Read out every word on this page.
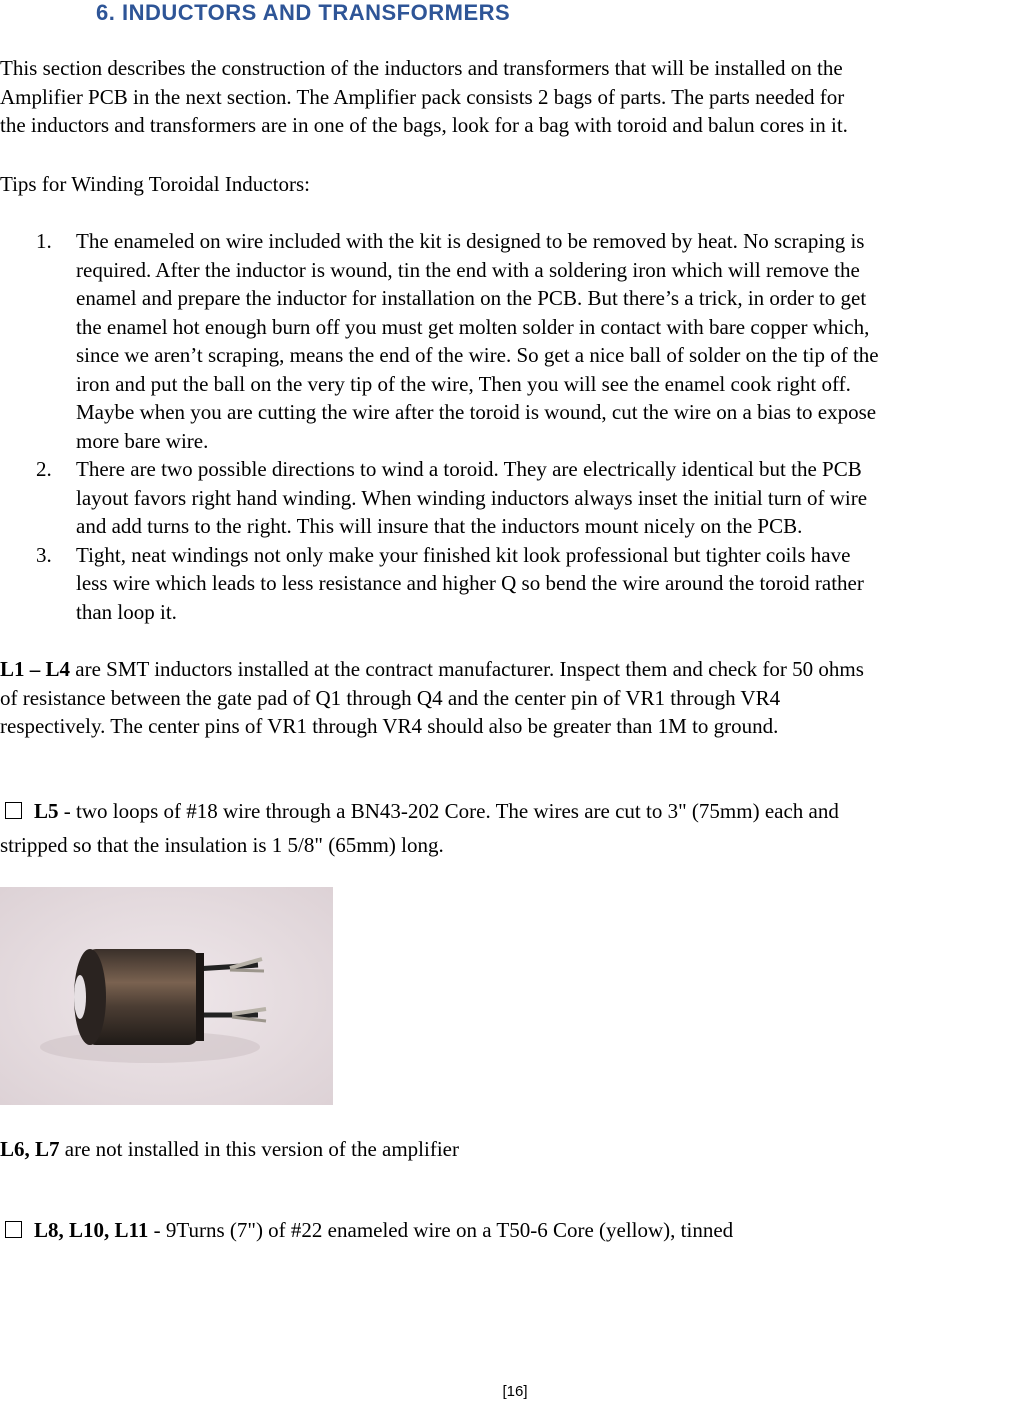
6. INDUCTORS AND TRANSFORMERS
This section describes the construction of the inductors and transformers that will be installed on the
Amplifier PCB in the next section. The Amplifier pack consists 2 bags of parts. The parts needed for
the inductors and transformers are in one of the bags, look for a bag with toroid and balun cores in it.
Tips for Winding Toroidal Inductors:
1. The enameled on wire included with the kit is designed to be removed by heat. No scraping is
required. After the inductor is wound, tin the end with a soldering iron which will remove the
enamel and prepare the inductor for installation on the PCB. But there’s a trick, in order to get
the enamel hot enough burn off you must get molten solder in contact with bare copper which,
since we aren’t scraping, means the end of the wire. So get a nice ball of solder on the tip of the
iron and put the ball on the very tip of the wire, Then you will see the enamel cook right off.
Maybe when you are cutting the wire after the toroid is wound, cut the wire on a bias to expose
more bare wire.
2. There are two possible directions to wind a toroid. They are electrically identical but the PCB
layout favors right hand winding. When winding inductors always inset the initial turn of wire
and add turns to the right. This will insure that the inductors mount nicely on the PCB.
3. Tight, neat windings not only make your finished kit look professional but tighter coils have
less wire which leads to less resistance and higher Q so bend the wire around the toroid rather
than loop it.
L1 – L4 are SMT inductors installed at the contract manufacturer. Inspect them and check for 50 ohms
of resistance between the gate pad of Q1 through Q4 and the center pin of VR1 through VR4
respectively. The center pins of VR1 through VR4 should also be greater than 1M to ground.
L5 - two loops of #18 wire through a BN43-202 Core. The wires are cut to 3" (75mm) each and
stripped so that the insulation is 1 5/8" (65mm) long.
L6, L7 are not installed in this version of the amplifier
L8, L10, L11 - 9Turns (7") of #22 enameled wire on a T50-6 Core (yellow), tinned
[16]
